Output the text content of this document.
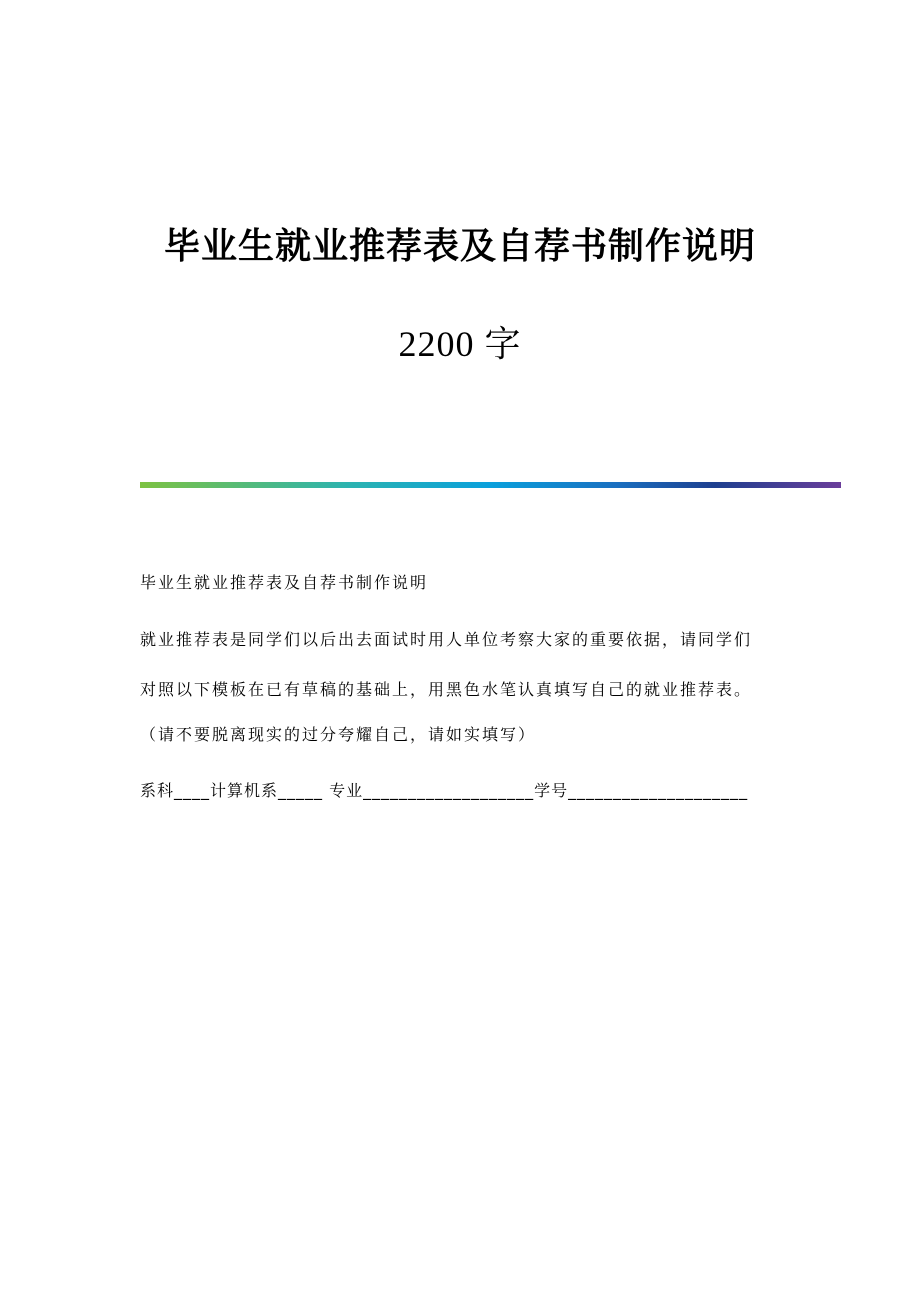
毕业生就业推荐表及自荐书制作说明
2200 字
毕业生就业推荐表及自荐书制作说明
就业推荐表是同学们以后出去面试时用人单位考察大家的重要依据，请同学们
对照以下模板在已有草稿的基础上，用黑色水笔认真填写自己的就业推荐表。
（请不要脱离现实的过分夸耀自己，请如实填写）
系科____计算机系_____ 专业___________________学号____________________
